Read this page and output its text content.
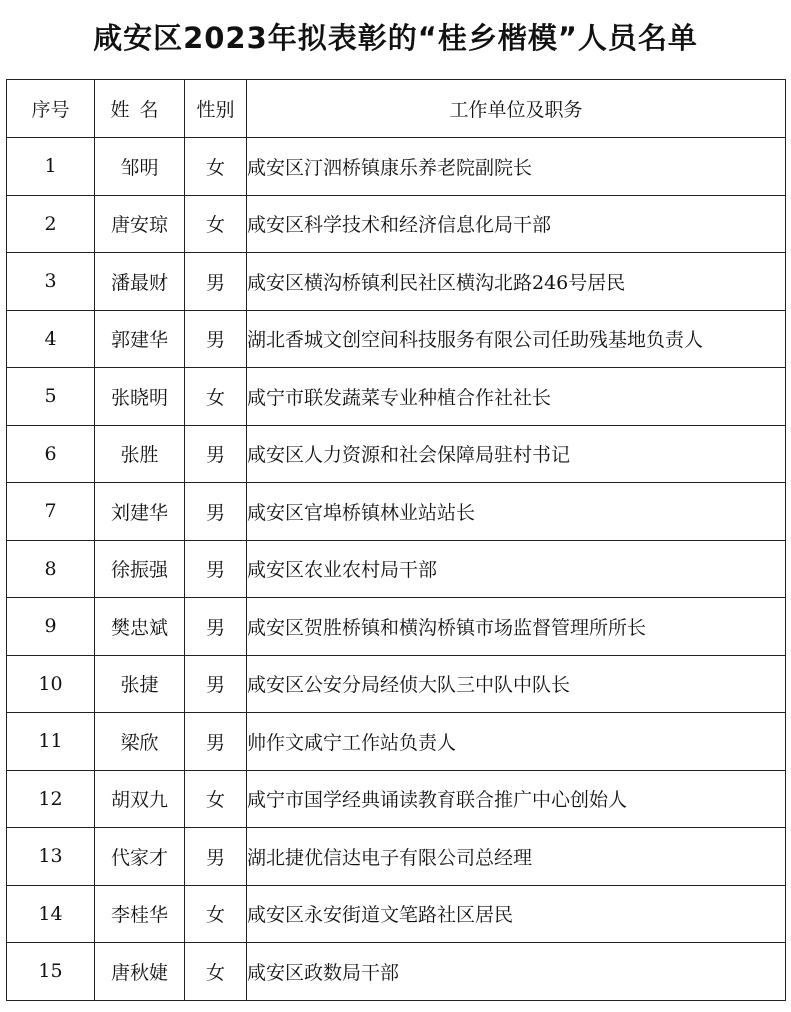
咸安区2023年拟表彰的“桂乡楷模”人员名单
序号	姓名	性别	工作单位及职务
1	邹明	女	咸安区汀泗桥镇康乐养老院副院长
2	唐安琼	女	咸安区科学技术和经济信息化局干部
3	潘最财	男	咸安区横沟桥镇利民社区横沟北路246号居民
4	郭建华	男	湖北香城文创空间科技服务有限公司任助残基地负责人
5	张晓明	女	咸宁市联发蔬菜专业种植合作社社长
6	张胜	男	咸安区人力资源和社会保障局驻村书记
7	刘建华	男	咸安区官埠桥镇林业站站长
8	徐振强	男	咸安区农业农村局干部
9	樊忠斌	男	咸安区贺胜桥镇和横沟桥镇市场监督管理所所长
10	张捷	男	咸安区公安分局经侦大队三中队中队长
11	梁欣	男	帅作文咸宁工作站负责人
12	胡双九	女	咸宁市国学经典诵读教育联合推广中心创始人
13	代家才	男	湖北捷优信达电子有限公司总经理
14	李桂华	女	咸安区永安街道文笔路社区居民
15	唐秋婕	女	咸安区政数局干部
